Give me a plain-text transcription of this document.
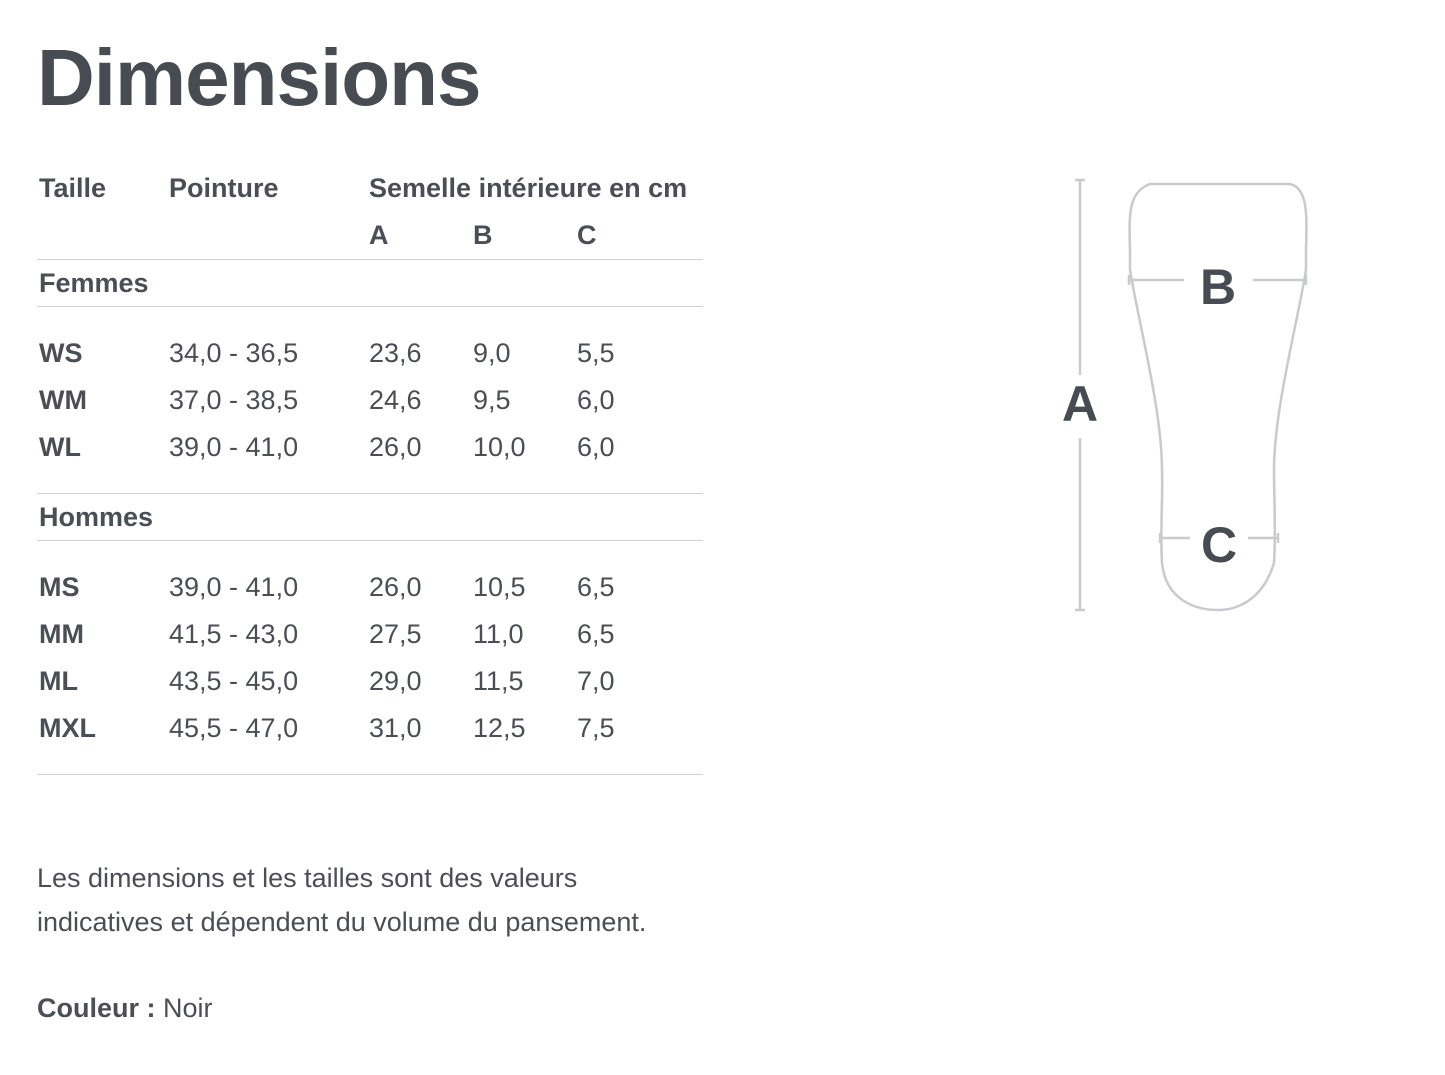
Dimensions
Taille	Pointure	Semelle intérieure en cm		
		A	B	C
Femmes				

WS	34,0 - 36,5	23,6	9,0	5,5
WM	37,0 - 38,5	24,6	9,5	6,0
WL	39,0 - 41,0	26,0	10,0	6,0

Hommes				

MS	39,0 - 41,0	26,0	10,5	6,5
MM	41,5 - 43,0	27,5	11,0	6,5
ML	43,5 - 45,0	29,0	11,5	7,0
MXL	45,5 - 47,0	31,0	12,5	7,5

Les dimensions et les tailles sont des valeurs indicatives et dépendent du volume du pansement.

Couleur : Noir

A
B
C
